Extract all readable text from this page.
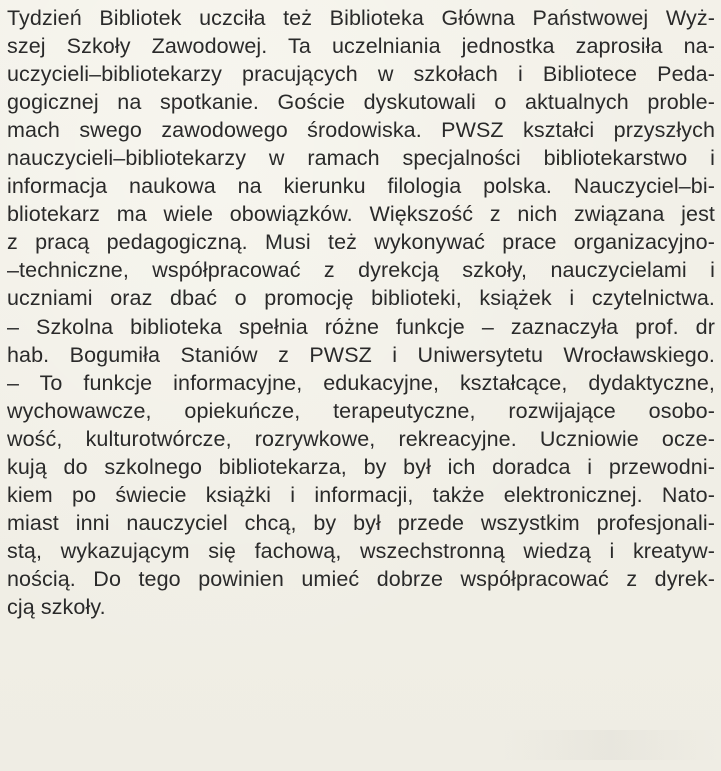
Tydzień Bibliotek uczciła też Biblioteka Główna Państwowej Wyż-
szej Szkoły Zawodowej. Ta uczelniania jednostka zaprosiła na-
uczycieli–bibliotekarzy pracujących w szkołach i Bibliotece Peda-
gogicznej na spotkanie. Goście dyskutowali o aktualnych proble-
mach swego zawodowego środowiska. PWSZ kształci przyszłych
nauczycieli–bibliotekarzy w ramach specjalności bibliotekarstwo i
informacja naukowa na kierunku filologia polska. Nauczyciel–bi-
bliotekarz ma wiele obowiązków. Większość z nich związana jest
z pracą pedagogiczną. Musi też wykonywać prace organizacyjno-
–techniczne, współpracować z dyrekcją szkoły, nauczycielami i
uczniami oraz dbać o promocję biblioteki, książek i czytelnictwa.
– Szkolna biblioteka spełnia różne funkcje – zaznaczyła prof. dr
hab. Bogumiła Staniów z PWSZ i Uniwersytetu Wrocławskiego.
– To funkcje informacyjne, edukacyjne, kształcące, dydaktyczne,
wychowawcze, opiekuńcze, terapeutyczne, rozwijające osobo-
wość, kulturotwórcze, rozrywkowe, rekreacyjne. Uczniowie ocze-
kują do szkolnego bibliotekarza, by był ich doradca i przewodni-
kiem po świecie książki i informacji, także elektronicznej. Nato-
miast inni nauczyciel chcą, by był przede wszystkim profesjonali-
stą, wykazującym się fachową, wszechstronną wiedzą i kreatyw-
nością. Do tego powinien umieć dobrze współpracować z dyrek-
cją szkoły.
